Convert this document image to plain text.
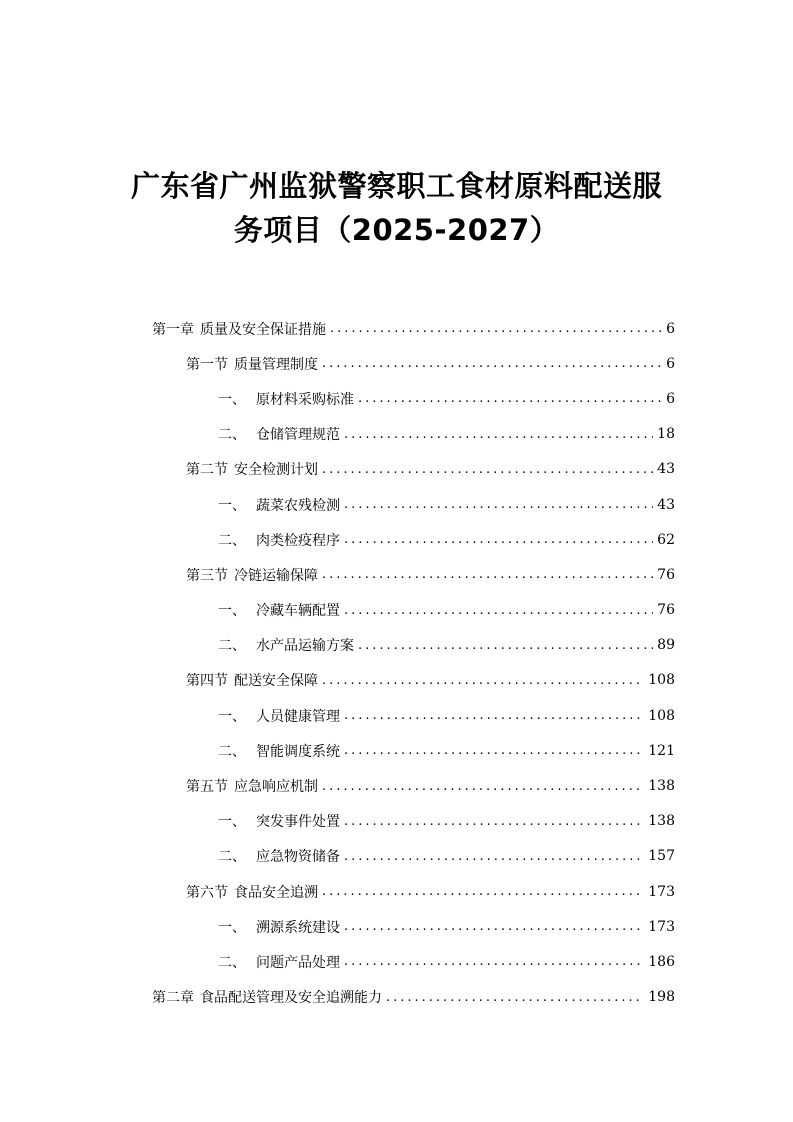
广东省广州监狱警察职工食材原料配送服
务项目（2025-2027）
第一章 质量及安全保证措施 .....	6
第一节 质量管理制度 .....	6
一、 原材料采购标准 .....	6
二、 仓储管理规范 .....	18
第二节 安全检测计划 .....	43
一、 蔬菜农残检测 .....	43
二、 肉类检疫程序 .....	62
第三节 冷链运输保障 .....	76
一、 冷藏车辆配置 .....	76
二、 水产品运输方案 .....	89
第四节 配送安全保障 .....	108
一、 人员健康管理 .....	108
二、 智能调度系统 .....	121
第五节 应急响应机制 .....	138
一、 突发事件处置 .....	138
二、 应急物资储备 .....	157
第六节 食品安全追溯 .....	173
一、 溯源系统建设 .....	173
二、 问题产品处理 .....	186
第二章 食品配送管理及安全追溯能力 .....	198
